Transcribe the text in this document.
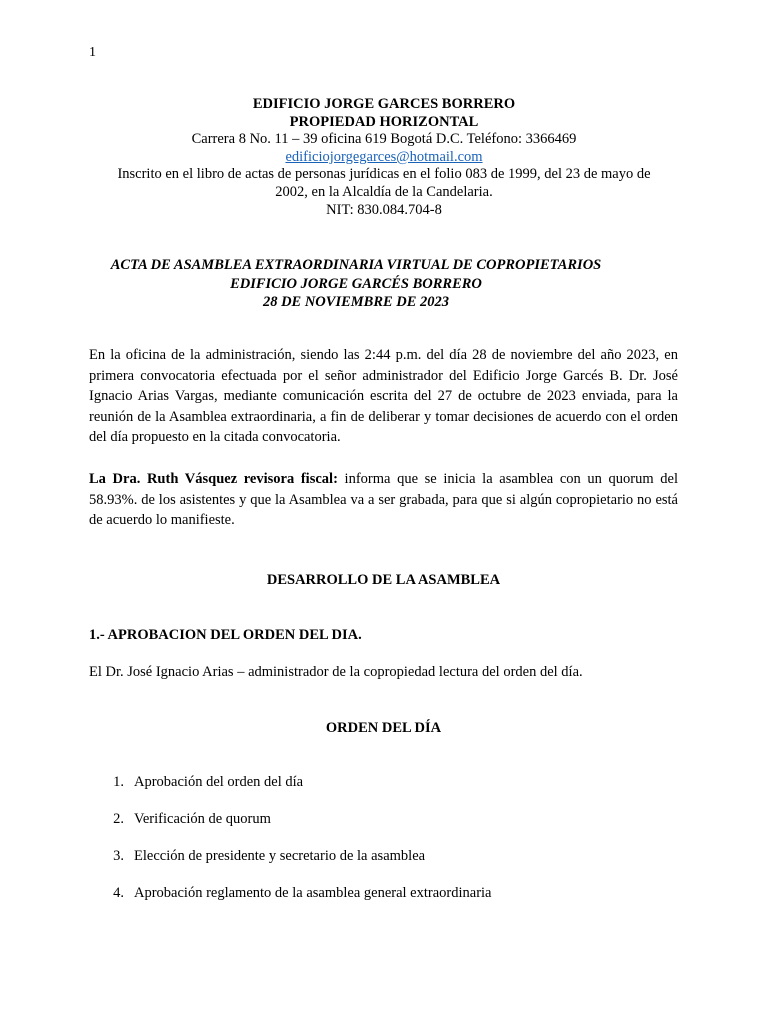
1
EDIFICIO JORGE GARCES BORRERO
PROPIEDAD HORIZONTAL
Carrera 8 No. 11 – 39 oficina 619 Bogotá D.C. Teléfono: 3366469
edificiojorgegarces@hotmail.com
Inscrito en el libro de actas de personas jurídicas en el folio 083 de 1999, del 23 de mayo de
2002, en la Alcaldía de la Candelaria.
NIT: 830.084.704-8
ACTA DE ASAMBLEA EXTRAORDINARIA VIRTUAL DE COPROPIETARIOS
EDIFICIO JORGE GARCÉS BORRERO
28 DE NOVIEMBRE DE 2023

En la oficina de la administración, siendo las 2:44 p.m. del día 28 de noviembre del año 2023, en primera convocatoria efectuada por el señor administrador del Edificio Jorge Garcés B. Dr. José Ignacio Arias Vargas, mediante comunicación escrita del 27 de octubre de 2023 enviada, para la reunión de la Asamblea extraordinaria, a fin de deliberar y tomar decisiones de acuerdo con el orden del día propuesto en la citada convocatoria.

La Dra. Ruth Vásquez revisora fiscal: informa que se inicia la asamblea con un quorum del 58.93%. de los asistentes y que la Asamblea va a ser grabada, para que si algún copropietario no está de acuerdo lo manifieste.

DESARROLLO DE LA ASAMBLEA
1.- APROBACION DEL ORDEN DEL DIA.
El Dr. José Ignacio Arias – administrador de la copropiedad lectura del orden del día.
ORDEN DEL DÍA
1. Aprobación del orden del día
2. Verificación de quorum
3. Elección de presidente y secretario de la asamblea
4. Aprobación reglamento de la asamblea general extraordinaria
